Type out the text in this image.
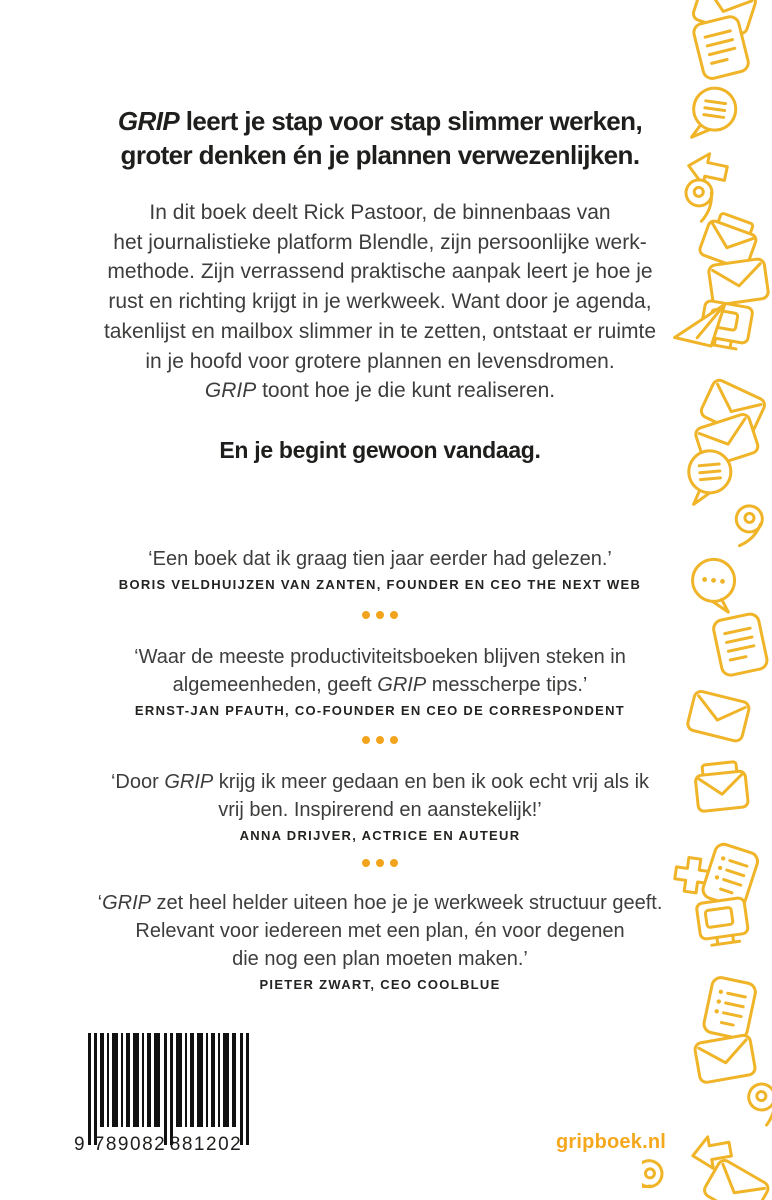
GRIP leert je stap voor stap slimmer werken,
groter denken én je plannen verwezenlijken.
In dit boek deelt Rick Pastoor, de binnenbaas van
het journalistieke platform Blendle, zijn persoonlijke werk-
methode. Zijn verrassend praktische aanpak leert je hoe je
rust en richting krijgt in je werkweek. Want door je agenda,
takenlijst en mailbox slimmer in te zetten, ontstaat er ruimte
in je hoofd voor grotere plannen en levensdromen.
GRIP toont hoe je die kunt realiseren.
En je begint gewoon vandaag.

‘Een boek dat ik graag tien jaar eerder had gelezen.’

BORIS VELDHUIJZEN VAN ZANTEN, FOUNDER EN CEO THE NEXT WEB

‘Waar de meeste productiviteitsboeken blijven steken in

algemeenheden, geeft GRIP messcherpe tips.’

ERNST-JAN PFAUTH, CO-FOUNDER EN CEO DE CORRESPONDENT

‘Door GRIP krijg ik meer gedaan en ben ik ook echt vrij als ik

vrij ben. Inspirerend en aanstekelijk!’

ANNA DRIJVER, ACTRICE EN AUTEUR

‘GRIP zet heel helder uiteen hoe je je werkweek structuur geeft.

Relevant voor iedereen met een plan, én voor degenen

die nog een plan moeten maken.’

PIETER ZWART, CEO COOLBLUE

9 789082 881202	gripboek.nl
